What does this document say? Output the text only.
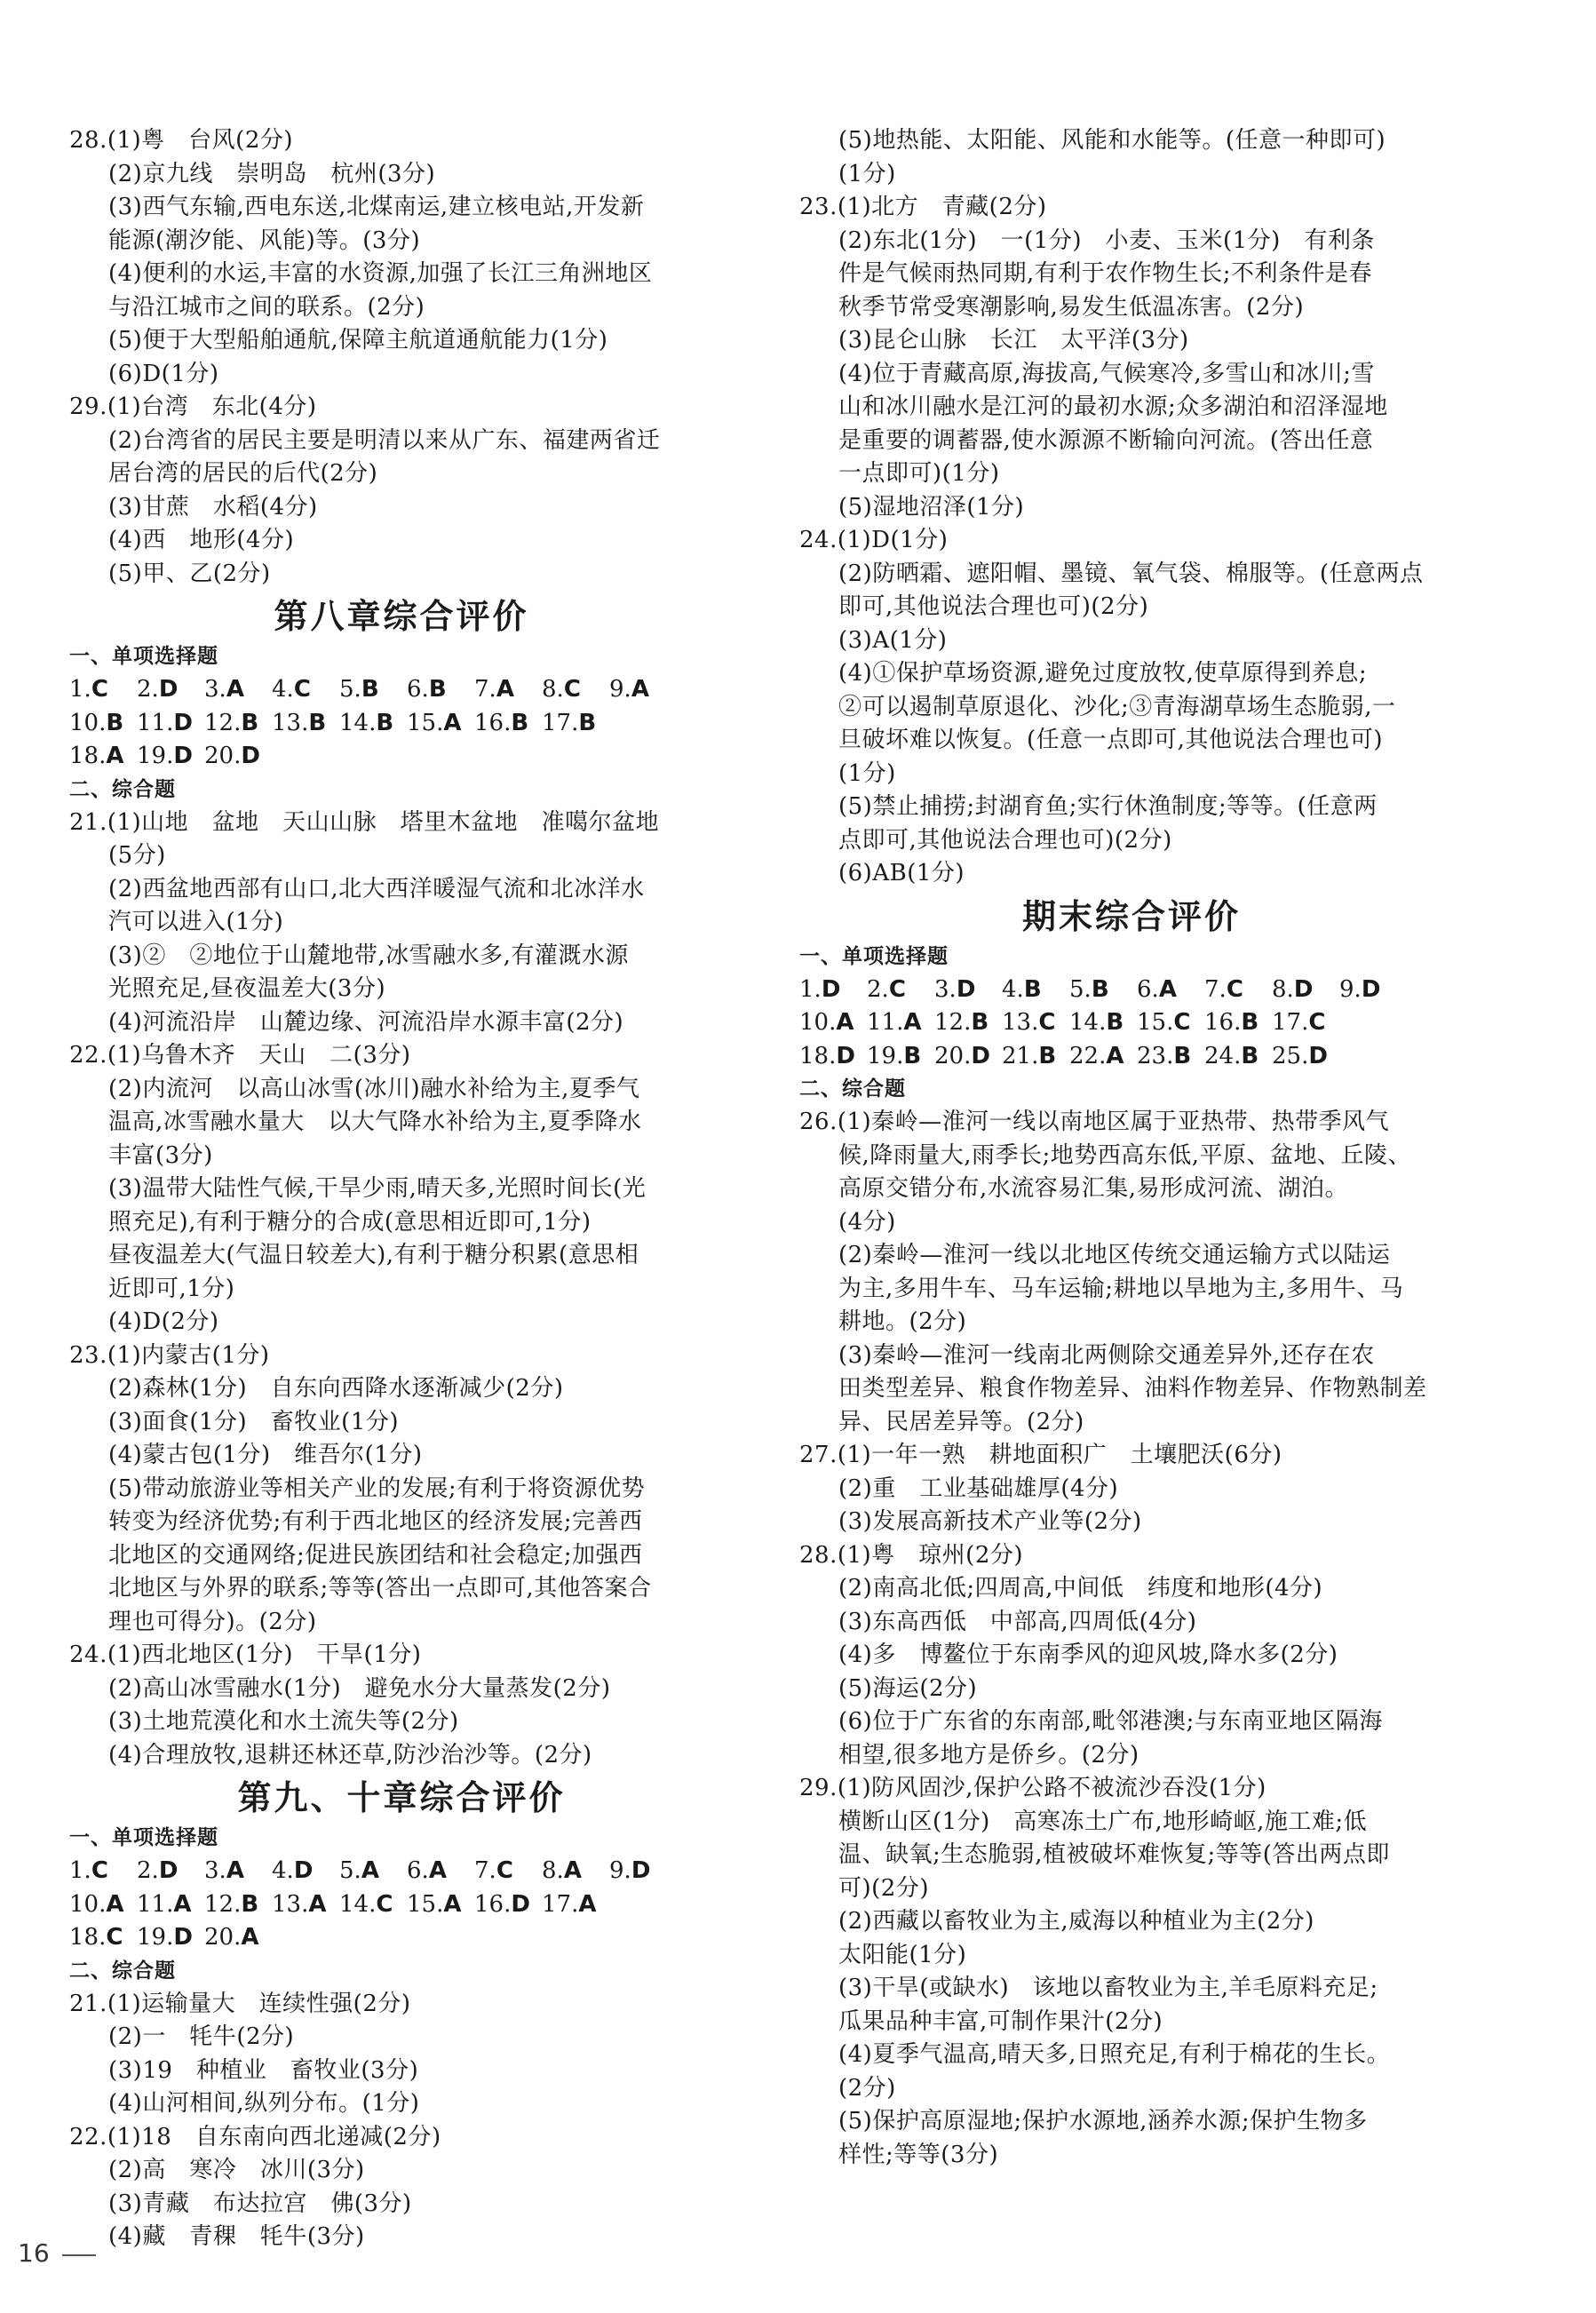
28.(1)粤　台风(2分)
(2)京九线　崇明岛　杭州(3分)
(3)西气东输,西电东送,北煤南运,建立核电站,开发新
能源(潮汐能、风能)等。(3分)
(4)便利的水运,丰富的水资源,加强了长江三角洲地区
与沿江城市之间的联系。(2分)
(5)便于大型船舶通航,保障主航道通航能力(1分)
(6)D(1分)
29.(1)台湾　东北(4分)
(2)台湾省的居民主要是明清以来从广东、福建两省迁
居台湾的居民的后代(2分)
(3)甘蔗　水稻(4分)
(4)西　地形(4分)
(5)甲、乙(2分)
第八章综合评价
一、单项选择题
1.C 2.D 3.A 4.C 5.B 6.B 7.A 8.C 9.A
10.B 11.D 12.B 13.B 14.B 15.A 16.B 17.B
18.A 19.D 20.D
二、综合题
21.(1)山地　盆地　天山山脉　塔里木盆地　准噶尔盆地
(5分)
(2)西盆地西部有山口,北大西洋暖湿气流和北冰洋水
汽可以进入(1分)
(3)②　②地位于山麓地带,冰雪融水多,有灌溉水源
光照充足,昼夜温差大(3分)
(4)河流沿岸　山麓边缘、河流沿岸水源丰富(2分)
22.(1)乌鲁木齐　天山　二(3分)
(2)内流河　以高山冰雪(冰川)融水补给为主,夏季气
温高,冰雪融水量大　以大气降水补给为主,夏季降水
丰富(3分)
(3)温带大陆性气候,干旱少雨,晴天多,光照时间长(光
照充足),有利于糖分的合成(意思相近即可,1分)
昼夜温差大(气温日较差大),有利于糖分积累(意思相
近即可,1分)
(4)D(2分)
23.(1)内蒙古(1分)
(2)森林(1分)　自东向西降水逐渐减少(2分)
(3)面食(1分)　畜牧业(1分)
(4)蒙古包(1分)　维吾尔(1分)
(5)带动旅游业等相关产业的发展;有利于将资源优势
转变为经济优势;有利于西北地区的经济发展;完善西
北地区的交通网络;促进民族团结和社会稳定;加强西
北地区与外界的联系;等等(答出一点即可,其他答案合
理也可得分)。(2分)
24.(1)西北地区(1分)　干旱(1分)
(2)高山冰雪融水(1分)　避免水分大量蒸发(2分)
(3)土地荒漠化和水土流失等(2分)
(4)合理放牧,退耕还林还草,防沙治沙等。(2分)
第九、十章综合评价
一、单项选择题
1.C 2.D 3.A 4.D 5.A 6.A 7.C 8.A 9.D
10.A 11.A 12.B 13.A 14.C 15.A 16.D 17.A
18.C 19.D 20.A
二、综合题
21.(1)运输量大　连续性强(2分)
(2)一　牦牛(2分)
(3)19　种植业　畜牧业(3分)
(4)山河相间,纵列分布。(1分)
22.(1)18　自东南向西北递减(2分)
(2)高　寒冷　冰川(3分)
(3)青藏　布达拉宫　佛(3分)
(4)藏　青稞　牦牛(3分)
(5)地热能、太阳能、风能和水能等。(任意一种即可)
(1分)
23.(1)北方　青藏(2分)
(2)东北(1分)　一(1分)　小麦、玉米(1分)　有利条
件是气候雨热同期,有利于农作物生长;不利条件是春
秋季节常受寒潮影响,易发生低温冻害。(2分)
(3)昆仑山脉　长江　太平洋(3分)
(4)位于青藏高原,海拔高,气候寒冷,多雪山和冰川;雪
山和冰川融水是江河的最初水源;众多湖泊和沼泽湿地
是重要的调蓄器,使水源源不断输向河流。(答出任意
一点即可)(1分)
(5)湿地沼泽(1分)
24.(1)D(1分)
(2)防晒霜、遮阳帽、墨镜、氧气袋、棉服等。(任意两点
即可,其他说法合理也可)(2分)
(3)A(1分)
(4)①保护草场资源,避免过度放牧,使草原得到养息;
②可以遏制草原退化、沙化;③青海湖草场生态脆弱,一
旦破坏难以恢复。(任意一点即可,其他说法合理也可)
(1分)
(5)禁止捕捞;封湖育鱼;实行休渔制度;等等。(任意两
点即可,其他说法合理也可)(2分)
(6)AB(1分)
期末综合评价
一、单项选择题
1.D 2.C 3.D 4.B 5.B 6.A 7.C 8.D 9.D
10.A 11.A 12.B 13.C 14.B 15.C 16.B 17.C
18.D 19.B 20.D 21.B 22.A 23.B 24.B 25.D
二、综合题
26.(1)秦岭—淮河一线以南地区属于亚热带、热带季风气
候,降雨量大,雨季长;地势西高东低,平原、盆地、丘陵、
高原交错分布,水流容易汇集,易形成河流、湖泊。
(4分)
(2)秦岭—淮河一线以北地区传统交通运输方式以陆运
为主,多用牛车、马车运输;耕地以旱地为主,多用牛、马
耕地。(2分)
(3)秦岭—淮河一线南北两侧除交通差异外,还存在农
田类型差异、粮食作物差异、油料作物差异、作物熟制差
异、民居差异等。(2分)
27.(1)一年一熟　耕地面积广　土壤肥沃(6分)
(2)重　工业基础雄厚(4分)
(3)发展高新技术产业等(2分)
28.(1)粤　琼州(2分)
(2)南高北低;四周高,中间低　纬度和地形(4分)
(3)东高西低　中部高,四周低(4分)
(4)多　博鳌位于东南季风的迎风坡,降水多(2分)
(5)海运(2分)
(6)位于广东省的东南部,毗邻港澳;与东南亚地区隔海
相望,很多地方是侨乡。(2分)
29.(1)防风固沙,保护公路不被流沙吞没(1分)
横断山区(1分)　高寒冻土广布,地形崎岖,施工难;低
温、缺氧;生态脆弱,植被破坏难恢复;等等(答出两点即
可)(2分)
(2)西藏以畜牧业为主,威海以种植业为主(2分)
太阳能(1分)
(3)干旱(或缺水)　该地以畜牧业为主,羊毛原料充足;
瓜果品种丰富,可制作果汁(2分)
(4)夏季气温高,晴天多,日照充足,有利于棉花的生长。
(2分)
(5)保护高原湿地;保护水源地,涵养水源;保护生物多
样性;等等(3分)
16
